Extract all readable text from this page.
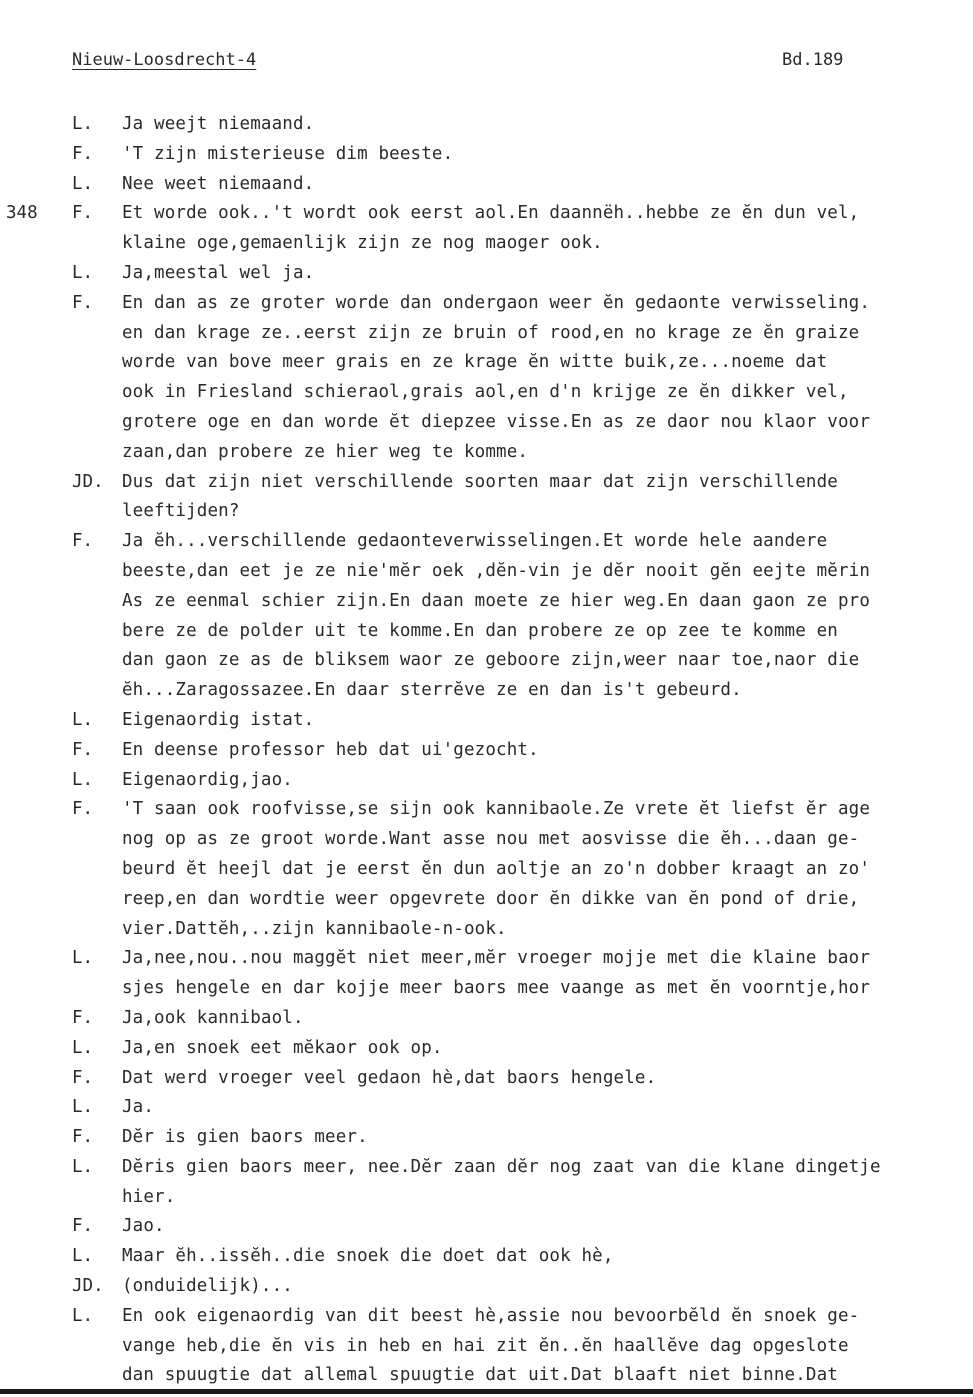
Nieuw-Loosdrecht-4	Bd.189
L.	Ja weejt niemaand.
F.	'T zijn misterieuse dim beeste.
L.	Nee weet niemaand.
348	F.	Et worde ook..'t wordt ook eerst aol.En daannëh..hebbe ze ĕn dun vel,
klaine oge,gemaenlijk zijn ze nog maoger ook.
L.	Ja,meestal wel ja.
F.	En dan as ze groter worde dan ondergaon weer ĕn gedaonte verwisseling.
en dan krage ze..eerst zijn ze bruin of rood,en no krage ze ĕn graize
worde van bove meer grais en ze krage ĕn witte buik,ze...noeme dat
ook in Friesland schieraol,grais aol,en d'n krijge ze ĕn dikker vel,
grotere oge en dan worde ĕt diepzee visse.En as ze daor nou klaor voor
zaan,dan probere ze hier weg te komme.
JD.	Dus dat zijn niet verschillende soorten maar dat zijn verschillende
leeftijden?
F.	Ja ĕh...verschillende gedaonteverwisselingen.Et worde hele aandere
beeste,dan eet je ze nie'mĕr oek ,dĕn-vin je dĕr nooit gĕn eejte mĕrin
As ze eenmal schier zijn.En daan moete ze hier weg.En daan gaon ze pro
bere ze de polder uit te komme.En dan probere ze op zee te komme en
dan gaon ze as de bliksem waor ze geboore zijn,weer naar toe,naor die
ĕh...Zaragossazee.En daar sterrĕve ze en dan is't gebeurd.
L.	Eigenaordig istat.
F.	En deense professor heb dat ui'gezocht.
L.	Eigenaordig,jao.
F.	'T saan ook roofvisse,se sijn ook kannibaole.Ze vrete ĕt liefst ĕr age
nog op as ze groot worde.Want asse nou met aosvisse die ĕh...daan ge-
beurd ĕt heejl dat je eerst ĕn dun aoltje an zo'n dobber kraagt an zo'
reep,en dan wordtie weer opgevrete door ĕn dikke van ĕn pond of drie,
vier.Dattĕh,..zijn kannibaole-n-ook.
L.	Ja,nee,nou..nou maggĕt niet meer,mĕr vroeger mojje met die klaine baor
sjes hengele en dar kojje meer baors mee vaange as met ĕn voorntje,hor
F.	Ja,ook kannibaol.
L.	Ja,en snoek eet mĕkaor ook op.
F.	Dat werd vroeger veel gedaon hè,dat baors hengele.
L.	Ja.
F.	Dĕr is gien baors meer.
L.	Dĕris gien baors meer, nee.Dĕr zaan dĕr nog zaat van die klane dingetje
hier.
F.	Jao.
L.	Maar ĕh..issĕh..die snoek die doet dat ook hè,
JD.	(onduidelijk)...
L.	En ook eigenaordig van dit beest hè,assie nou bevoorbĕld ĕn snoek ge-
vange heb,die ĕn vis in heb en hai zit ĕn..ĕn haallĕve dag opgeslote
dan spuugtie dat allemal spuugtie dat uit.Dat blaaft niet binne.Dat
